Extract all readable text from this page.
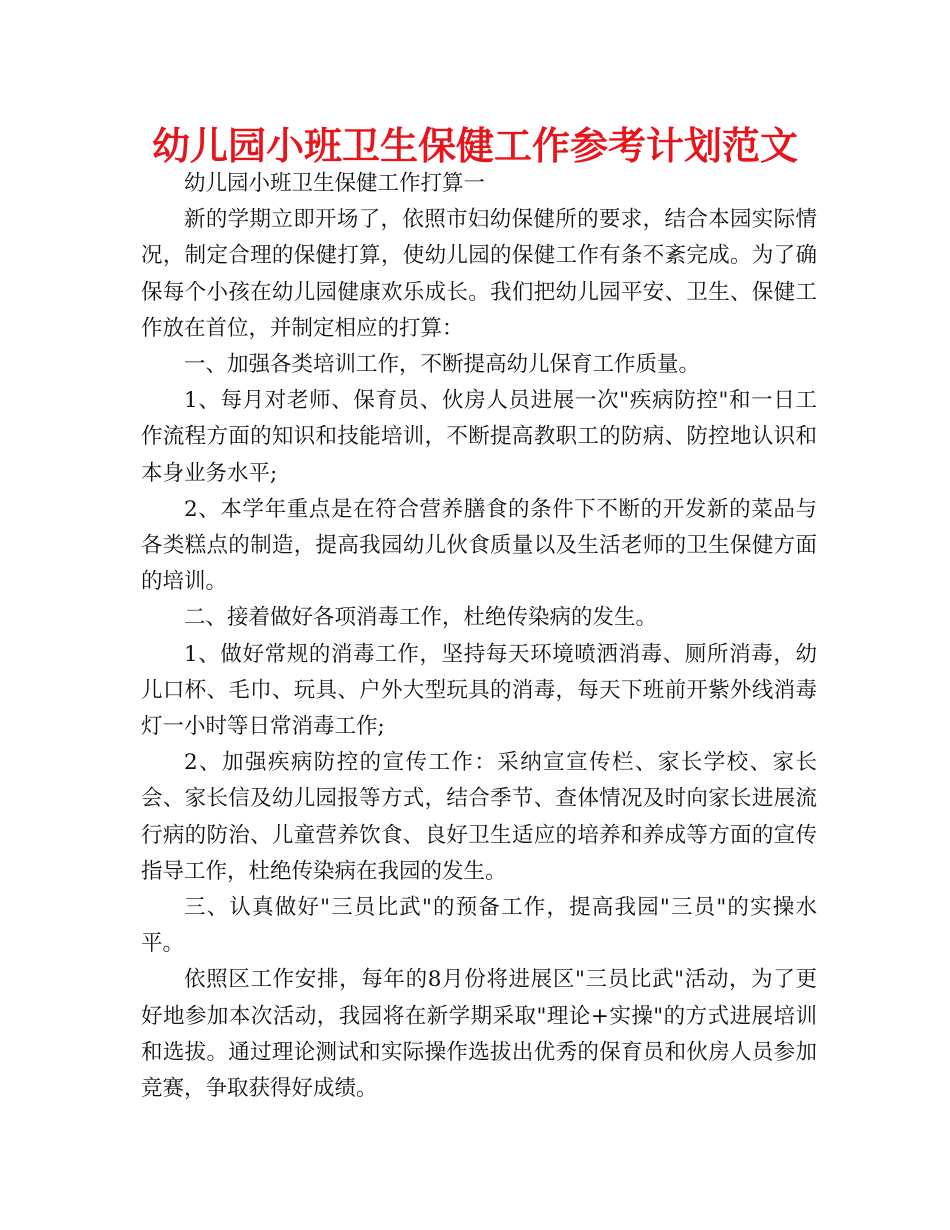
幼儿园小班卫生保健工作参考计划范文

幼儿园小班卫生保健工作打算一

新的学期立即开场了，依照市妇幼保健所的要求，结合本园实际情况，制定合理的保健打算，使幼儿园的保健工作有条不紊完成。为了确保每个小孩在幼儿园健康欢乐成长。我们把幼儿园平安、卫生、保健工作放在首位，并制定相应的打算：

一、加强各类培训工作，不断提高幼儿保育工作质量。

1、每月对老师、保育员、伙房人员进展一次"疾病防控"和一日工作流程方面的知识和技能培训，不断提高教职工的防病、防控地认识和本身业务水平;

2、本学年重点是在符合营养膳食的条件下不断的开发新的菜品与各类糕点的制造，提高我园幼儿伙食质量以及生活老师的卫生保健方面的培训。

二、接着做好各项消毒工作，杜绝传染病的发生。

1、做好常规的消毒工作，坚持每天环境喷洒消毒、厕所消毒，幼儿口杯、毛巾、玩具、户外大型玩具的消毒，每天下班前开紫外线消毒灯一小时等日常消毒工作;

2、加强疾病防控的宣传工作：采纳宣宣传栏、家长学校、家长会、家长信及幼儿园报等方式，结合季节、查体情况及时向家长进展流行病的防治、儿童营养饮食、良好卫生适应的培养和养成等方面的宣传指导工作，杜绝传染病在我园的发生。

三、认真做好"三员比武"的预备工作，提高我园"三员"的实操水平。

依照区工作安排，每年的8月份将进展区"三员比武"活动，为了更好地参加本次活动，我园将在新学期采取"理论+实操"的方式进展培训和选拔。通过理论测试和实际操作选拔出优秀的保育员和伙房人员参加竞赛，争取获得好成绩。
